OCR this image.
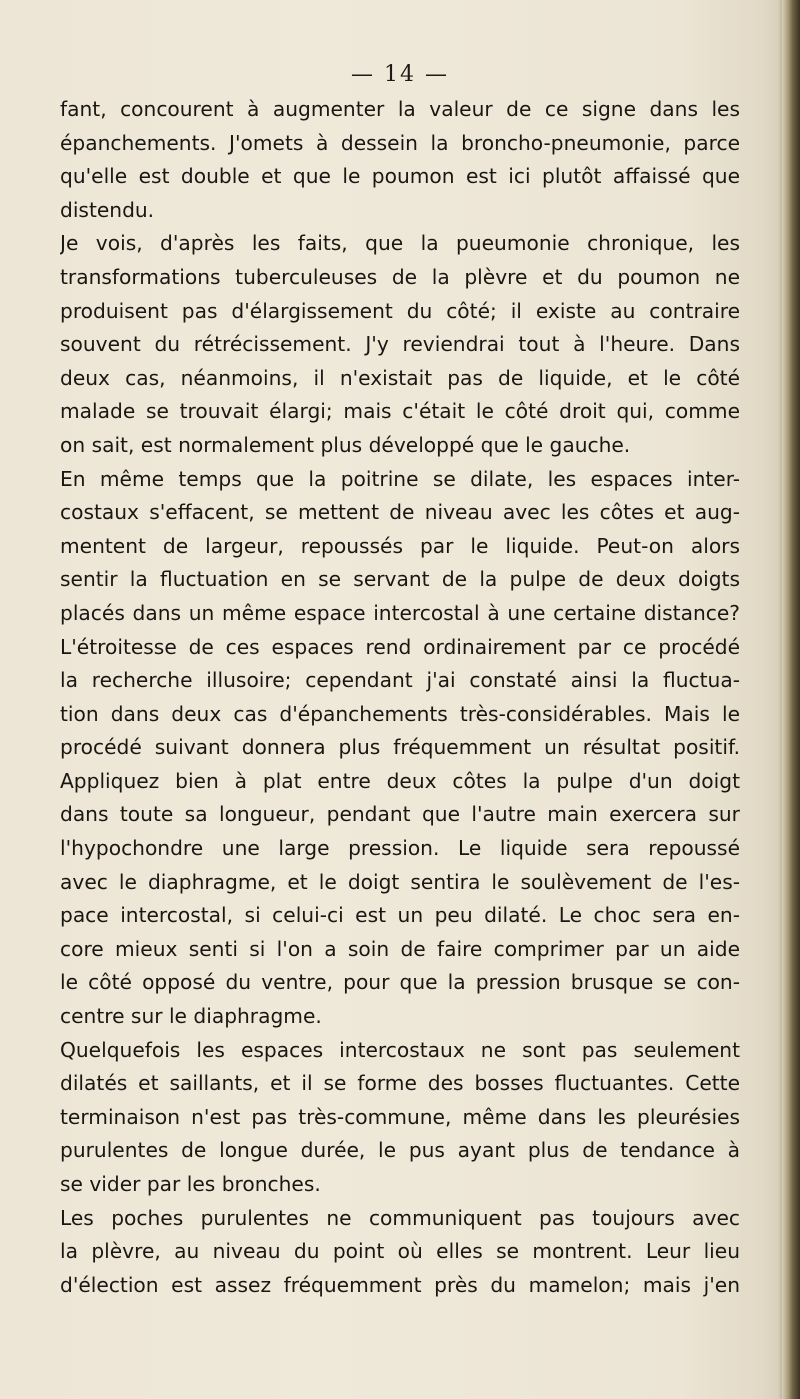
— 14 —
fant, concourent à augmenter la valeur de ce signe dans les
épanchements. J'omets à dessein la broncho-pneumonie, parce
qu'elle est double et que le poumon est ici plutôt affaissé que
distendu.
Je vois, d'après les faits, que la pueumonie chronique, les
transformations tuberculeuses de la plèvre et du poumon ne
produisent pas d'élargissement du côté; il existe au contraire
souvent du rétrécissement. J'y reviendrai tout à l'heure. Dans
deux cas, néanmoins, il n'existait pas de liquide, et le côté
malade se trouvait élargi; mais c'était le côté droit qui, comme
on sait, est normalement plus développé que le gauche.
En même temps que la poitrine se dilate, les espaces inter-
costaux s'effacent, se mettent de niveau avec les côtes et aug-
mentent de largeur, repoussés par le liquide. Peut-on alors
sentir la fluctuation en se servant de la pulpe de deux doigts
placés dans un même espace intercostal à une certaine distance?
L'étroitesse de ces espaces rend ordinairement par ce procédé
la recherche illusoire; cependant j'ai constaté ainsi la fluctua-
tion dans deux cas d'épanchements très-considérables. Mais le
procédé suivant donnera plus fréquemment un résultat positif.
Appliquez bien à plat entre deux côtes la pulpe d'un doigt
dans toute sa longueur, pendant que l'autre main exercera sur
l'hypochondre une large pression. Le liquide sera repoussé
avec le diaphragme, et le doigt sentira le soulèvement de l'es-
pace intercostal, si celui-ci est un peu dilaté. Le choc sera en-
core mieux senti si l'on a soin de faire comprimer par un aide
le côté opposé du ventre, pour que la pression brusque se con-
centre sur le diaphragme.
Quelquefois les espaces intercostaux ne sont pas seulement
dilatés et saillants, et il se forme des bosses fluctuantes. Cette
terminaison n'est pas très-commune, même dans les pleurésies
purulentes de longue durée, le pus ayant plus de tendance à
se vider par les bronches.
Les poches purulentes ne communiquent pas toujours avec
la plèvre, au niveau du point où elles se montrent. Leur lieu
d'élection est assez fréquemment près du mamelon; mais j'en
